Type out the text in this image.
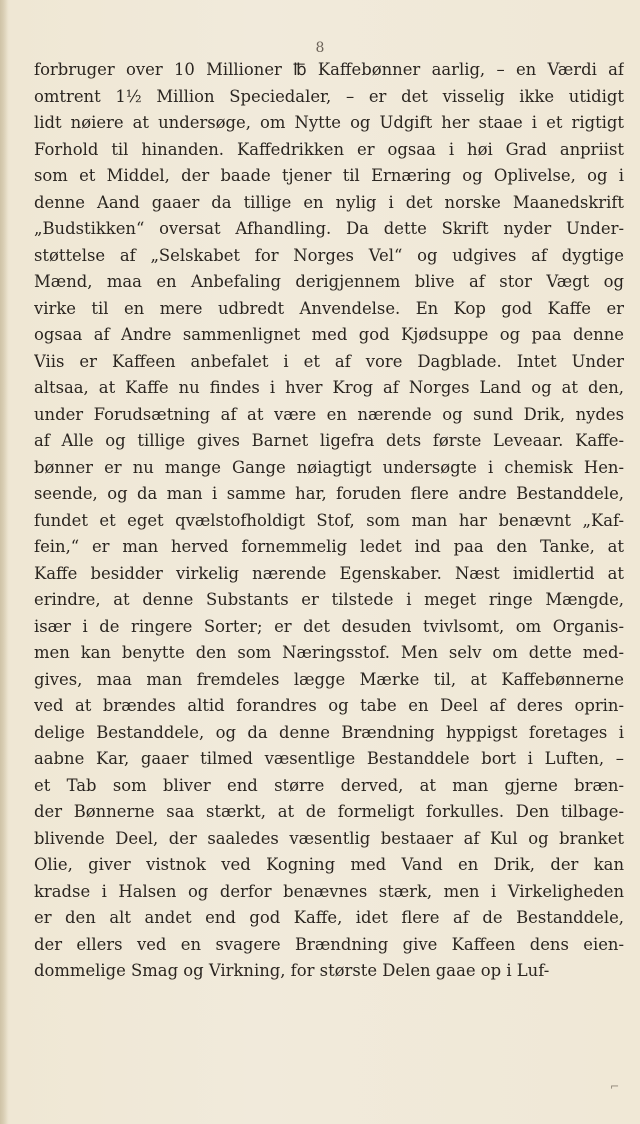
8
forbruger over 10 Millioner ℔ Kaffebønner aarlig, – en Værdi af
omtrent 1½ Million Speciedaler, – er det visselig ikke utidigt
lidt nøiere at undersøge, om Nytte og Udgift her staae i et rigtigt
Forhold til hinanden. Kaffedrikken er ogsaa i høi Grad anpriist
som et Middel, der baade tjener til Ernæring og Oplivelse, og i
denne Aand gaaer da tillige en nylig i det norske Maanedskrift
„Budstikken“ oversat Afhandling. Da dette Skrift nyder Under-
støttelse af „Selskabet for Norges Vel“ og udgives af dygtige
Mænd, maa en Anbefaling derigjennem blive af stor Vægt og
virke til en mere udbredt Anvendelse. En Kop god Kaffe er
ogsaa af Andre sammenlignet med god Kjødsuppe og paa denne
Viis er Kaffeen anbefalet i et af vore Dagblade. Intet Under
altsaa, at Kaffe nu findes i hver Krog af Norges Land og at den,
under Forudsætning af at være en nærende og sund Drik, nydes
af Alle og tillige gives Barnet ligefra dets første Leveaar. Kaffe-
bønner er nu mange Gange nøiagtigt undersøgte i chemisk Hen-
seende, og da man i samme har, foruden flere andre Bestanddele,
fundet et eget qvælstofholdigt Stof, som man har benævnt „Kaf-
fein,“ er man herved fornemmelig ledet ind paa den Tanke, at
Kaffe besidder virkelig nærende Egenskaber. Næst imidlertid at
erindre, at denne Substants er tilstede i meget ringe Mængde,
især i de ringere Sorter; er det desuden tvivlsomt, om Organis-
men kan benytte den som Næringsstof. Men selv om dette med-
gives, maa man fremdeles lægge Mærke til, at Kaffebønnerne
ved at brændes altid forandres og tabe en Deel af deres oprin-
delige Bestanddele, og da denne Brændning hyppigst foretages i
aabne Kar, gaaer tilmed væsentlige Bestanddele bort i Luften, –
et Tab som bliver end større derved, at man gjerne bræn-
der Bønnerne saa stærkt, at de formeligt forkulles. Den tilbage-
blivende Deel, der saaledes væsentlig bestaaer af Kul og branket
Olie, giver vistnok ved Kogning med Vand en Drik, der kan
kradse i Halsen og derfor benævnes stærk, men i Virkeligheden
er den alt andet end god Kaffe, idet flere af de Bestanddele,
der ellers ved en svagere Brændning give Kaffeen dens eien-
dommelige Smag og Virkning, for største Delen gaae op i Luf-
⌐
